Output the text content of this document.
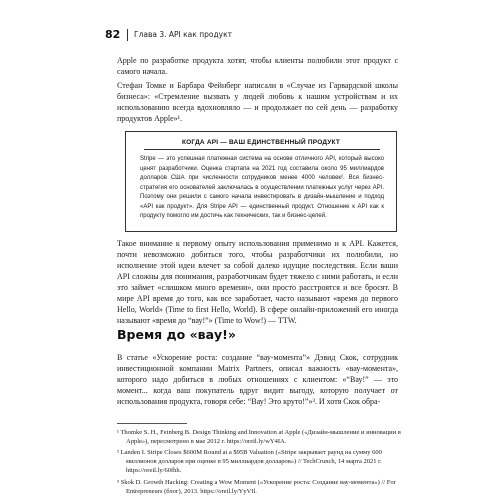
82 Глава 3. API как продукт

Apple по разработке продукта хотят, чтобы клиенты полюбили этот продукт с самого начала.

Стефан Томке и Барбара Фейнберг написали в «Случае из Гарвардской школы бизнеса»: «Стремление вызвать у людей любовь к нашим устройствам и их использованию всегда вдохновляло — и продолжает по сей день — разработку продуктов Apple»¹.

КОГДА API — ВАШ ЕДИНСТВЕННЫЙ ПРОДУКТ

Stripe — это успешная платежная система на основе отличного API, который высоко ценят разработчики. Оценка стартапа на 2021 год составила около 95 миллиардов долларов США при численности сотрудников менее 4000 человек². Вся бизнес-стратегия его основателей заключалась в осуществлении платежных услуг через API. Поэтому они решили с самого начала инвестировать в дизайн-мышление и подход «API как продукт». Для Stripe API — единственный продукт. Отношение к API как к продукту помогло им достичь как технических, так и бизнес-целей.

Такое внимание к первому опыту использования применимо и к API. Кажется, почти невозможно добиться того, чтобы разработчики их полюбили, но исполнение этой идеи влечет за собой далеко идущие последствия. Если ваши API сложны для понимания, разработчикам будет тяжело с ними работать, и если это займет «слишком много времени», они просто расстроятся и все бросят. В мире API время до того, как все заработает, часто называют «время до первого Hello, World» (Time to first Hello, World). В сфере онлайн-приложений его иногда называют «время до “вау!”» (Time to Wow!) — TTW.

Время до «вау!»

В статье «Ускорение роста: создание “вау-момента”» Дэвид Скок, сотрудник инвестиционной компании Matrix Partners, описал важность «вау-момента», которого надо добиться в любых отношениях с клиентом: «“Вау!” — это момент... когда ваш покупатель вдруг видит выгоду, которую получает от использования продукта, говоря себе: “Вау! Это круто!”»³. И хотя Скок обра-

¹ Thomke S. H., Feinberg B. Design Thinking and Innovation at Apple («Дизайн-мышление и инновации в Apple»), пересмотрено в мае 2012 г. https://oreil.ly/wY4IA.

² Landen I. Stripe Closes $600M Round at a $95B Valuation («Stripe закрывает раунд на сумму 600 миллионов долларов при оценке в 95 миллиардов долларов») // TechCrunch, 14 марта 2021 г. https://oreil.ly/60fhh.

³ Skok D. Growth Hacking: Creating a Wow Moment («Ускорение роста: Создание вау-момента») // For Entrepreneurs (блог), 2013. https://oreil.ly/YyVIl.
